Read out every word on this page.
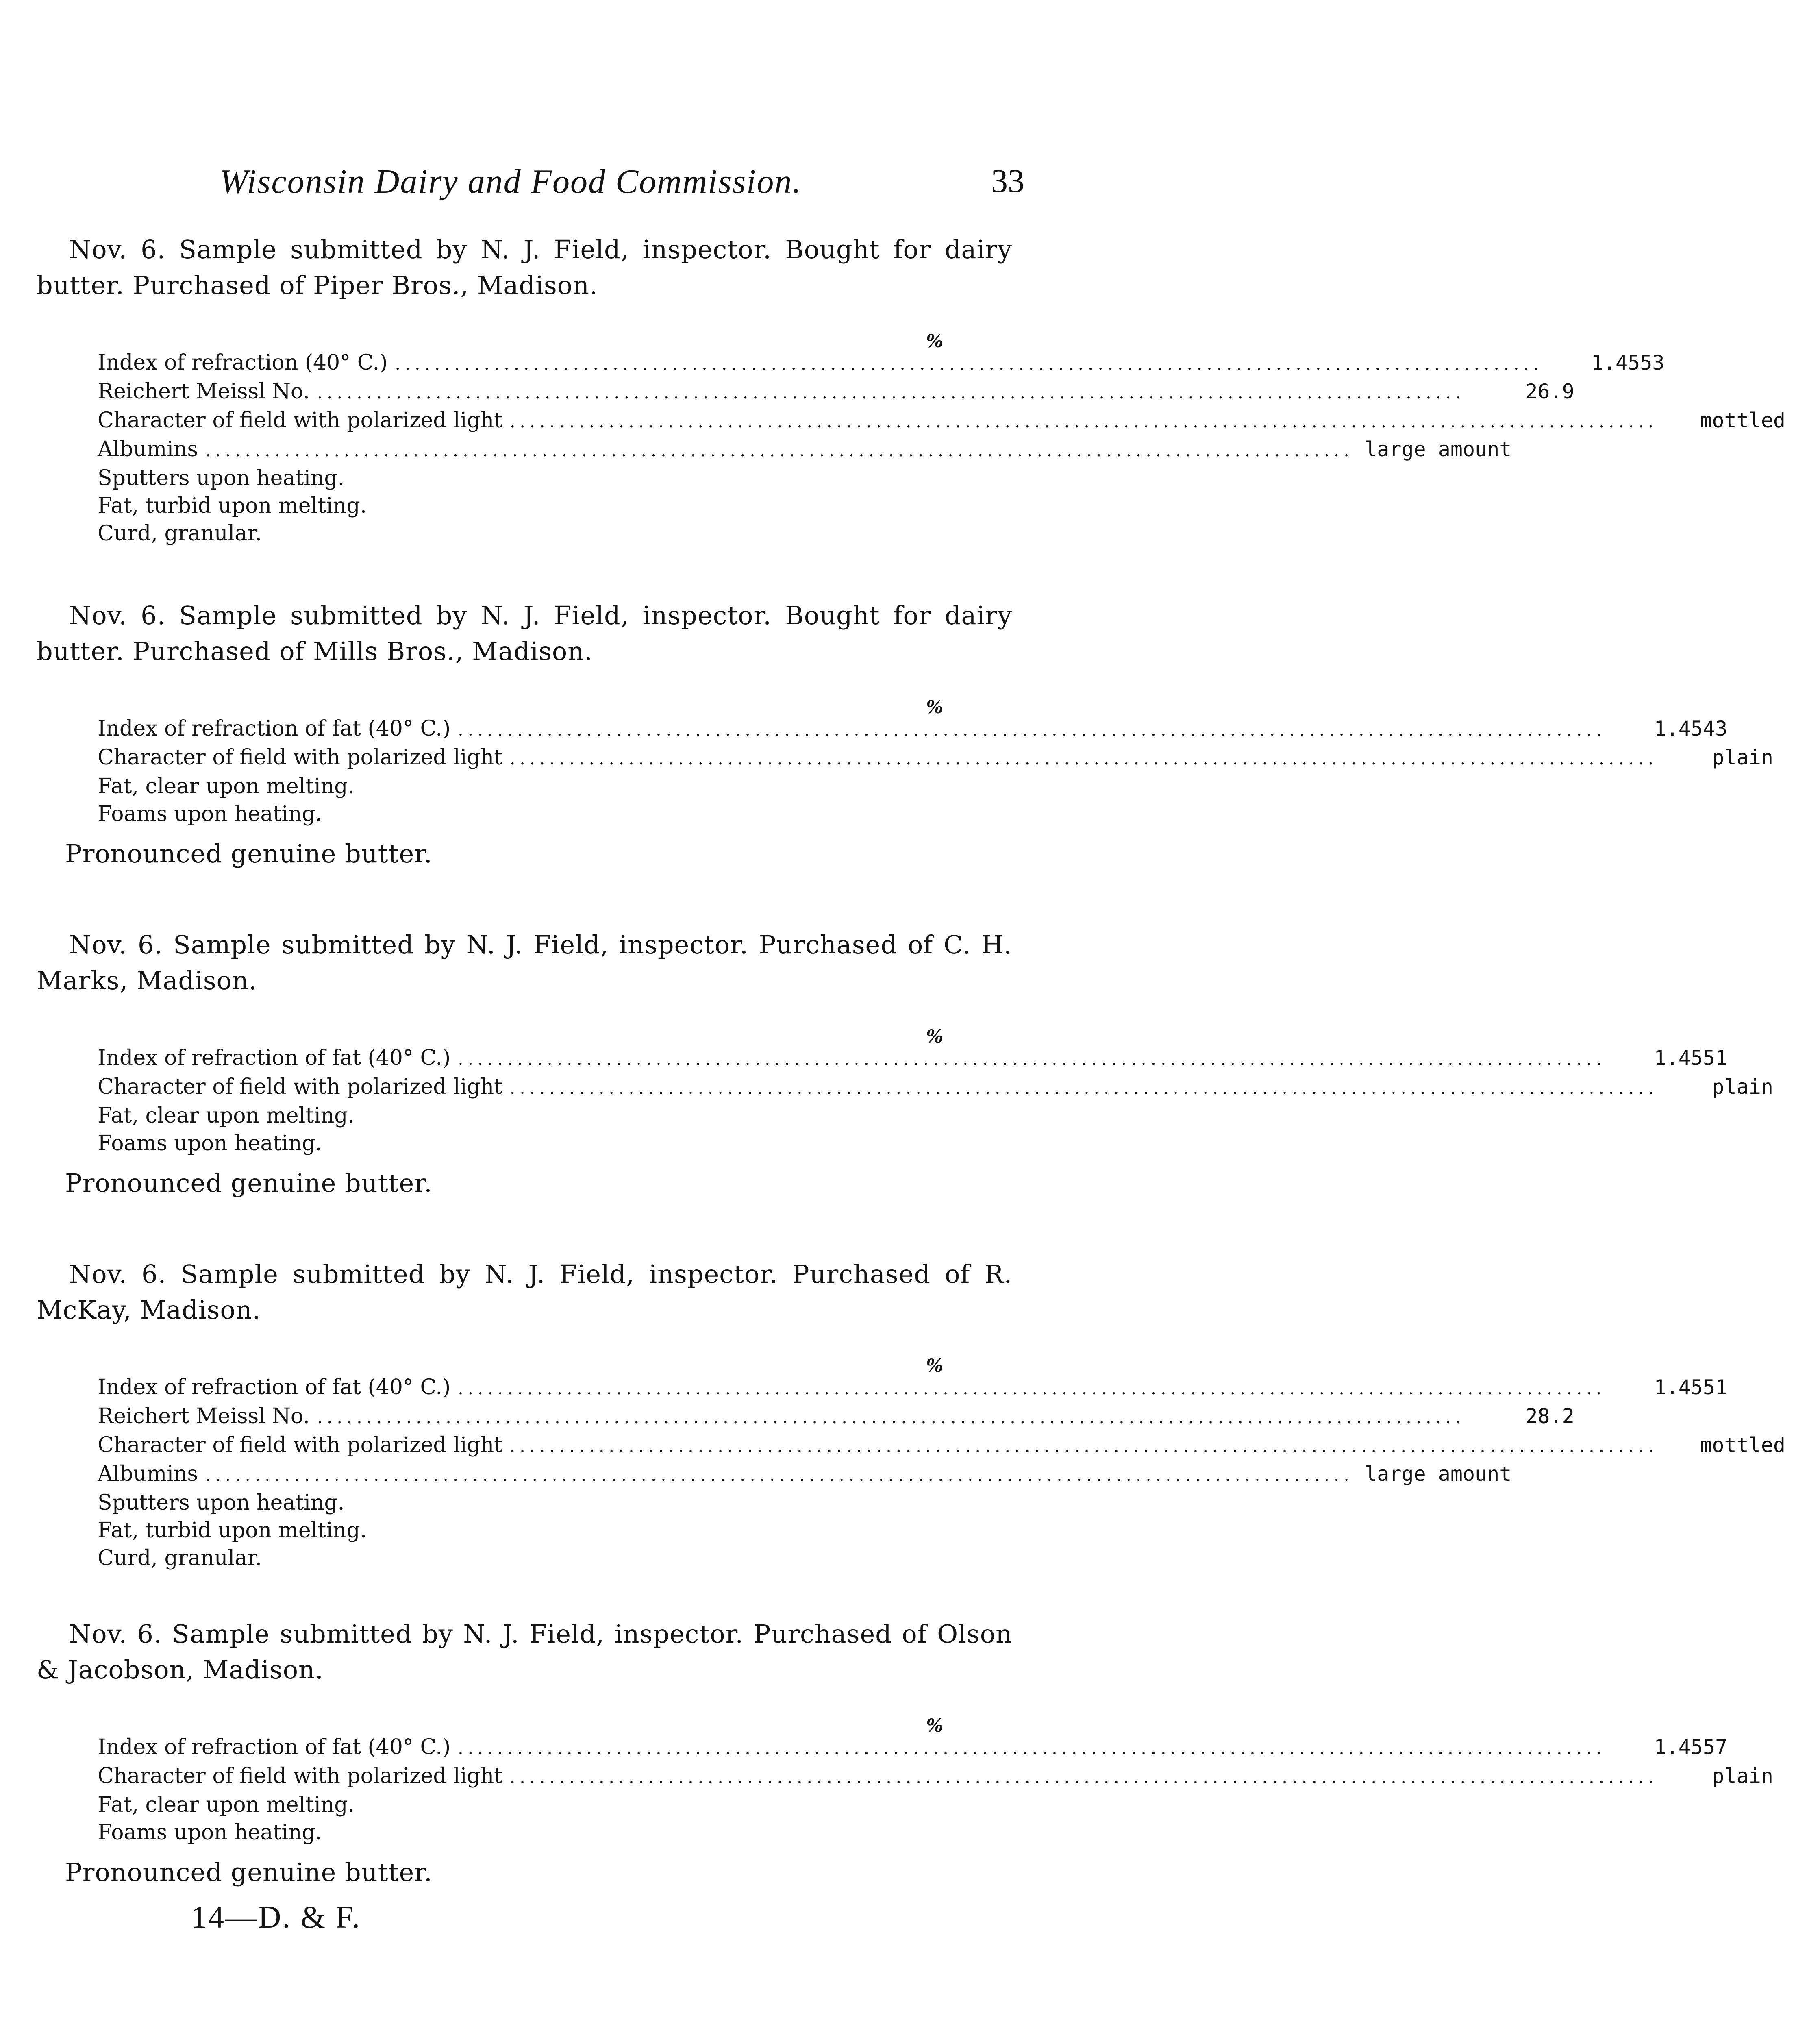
Wisconsin Dairy and Food Commission.	33
Nov. 6. Sample submitted by N. J. Field, inspector. Bought for dairy butter. Purchased of Piper Bros., Madison.
%
Index of refraction (40° C.) ....................................................................................................................	1.4553
Reichert Meissl No. ....................................................................................................................	26.9
Character of field with polarized light ....................................................................................................................	mottled
Albumins .................................................................................................................... large amount
Sputters upon heating.
Fat, turbid upon melting.
Curd, granular.
Nov. 6. Sample submitted by N. J. Field, inspector. Bought for dairy butter. Purchased of Mills Bros., Madison.
%
Index of refraction of fat (40° C.) ....................................................................................................................	1.4543
Character of field with polarized light ....................................................................................................................	plain
Fat, clear upon melting.
Foams upon heating.
Pronounced genuine butter.
Nov. 6. Sample submitted by N. J. Field, inspector. Purchased of C. H. Marks, Madison.
%
Index of refraction of fat (40° C.) ....................................................................................................................	1.4551
Character of field with polarized light ....................................................................................................................	plain
Fat, clear upon melting.
Foams upon heating.
Pronounced genuine butter.
Nov. 6. Sample submitted by N. J. Field, inspector. Purchased of R. McKay, Madison.
%
Index of refraction of fat (40° C.) ....................................................................................................................	1.4551
Reichert Meissl No. ....................................................................................................................	28.2
Character of field with polarized light ....................................................................................................................	mottled
Albumins .................................................................................................................... large amount
Sputters upon heating.
Fat, turbid upon melting.
Curd, granular.
Nov. 6. Sample submitted by N. J. Field, inspector. Purchased of Olson & Jacobson, Madison.
%
Index of refraction of fat (40° C.) ....................................................................................................................	1.4557
Character of field with polarized light ....................................................................................................................	plain
Fat, clear upon melting.
Foams upon heating.
Pronounced genuine butter.
14—D. & F.
